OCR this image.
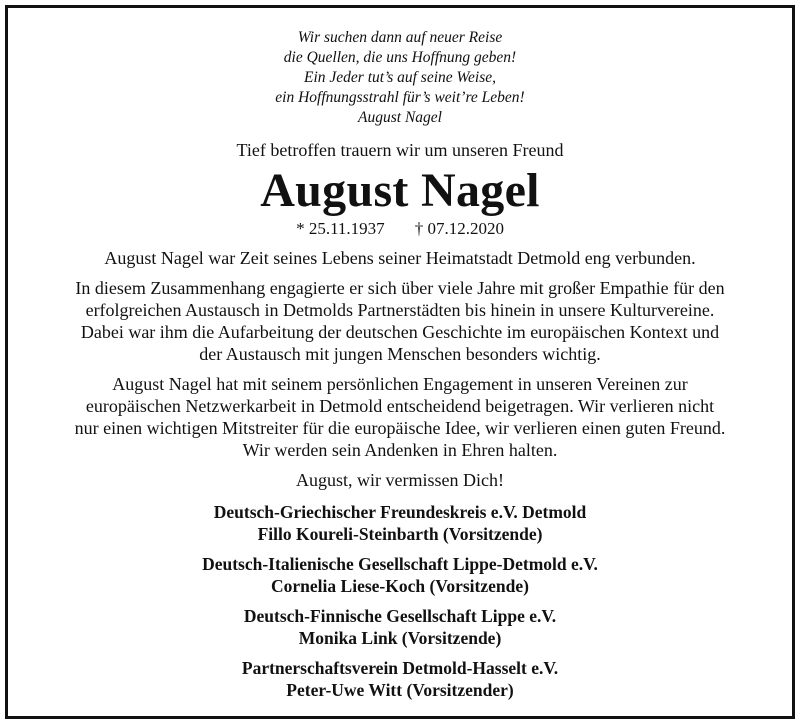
Wir suchen dann auf neuer Reise
die Quellen, die uns Hoffnung geben!
Ein Jeder tut’s auf seine Weise,
ein Hoffnungsstrahl für’s weit’re Leben!
August Nagel
Tief betroffen trauern wir um unseren Freund
August Nagel
* 25.11.1937 † 07.12.2020
August Nagel war Zeit seines Lebens seiner Heimatstadt Detmold eng verbunden.
In diesem Zusammenhang engagierte er sich über viele Jahre mit großer Empathie für den
erfolgreichen Austausch in Detmolds Partnerstädten bis hinein in unsere Kulturvereine.
Dabei war ihm die Aufarbeitung der deutschen Geschichte im europäischen Kontext und
der Austausch mit jungen Menschen besonders wichtig.
August Nagel hat mit seinem persönlichen Engagement in unseren Vereinen zur
europäischen Netzwerkarbeit in Detmold entscheidend beigetragen. Wir verlieren nicht
nur einen wichtigen Mitstreiter für die europäische Idee, wir verlieren einen guten Freund.
Wir werden sein Andenken in Ehren halten.
August, wir vermissen Dich!
Deutsch-Griechischer Freundeskreis e.V. Detmold
Fillo Koureli-Steinbarth (Vorsitzende)
Deutsch-Italienische Gesellschaft Lippe-Detmold e.V.
Cornelia Liese-Koch (Vorsitzende)
Deutsch-Finnische Gesellschaft Lippe e.V.
Monika Link (Vorsitzende)
Partnerschaftsverein Detmold-Hasselt e.V.
Peter-Uwe Witt (Vorsitzender)
